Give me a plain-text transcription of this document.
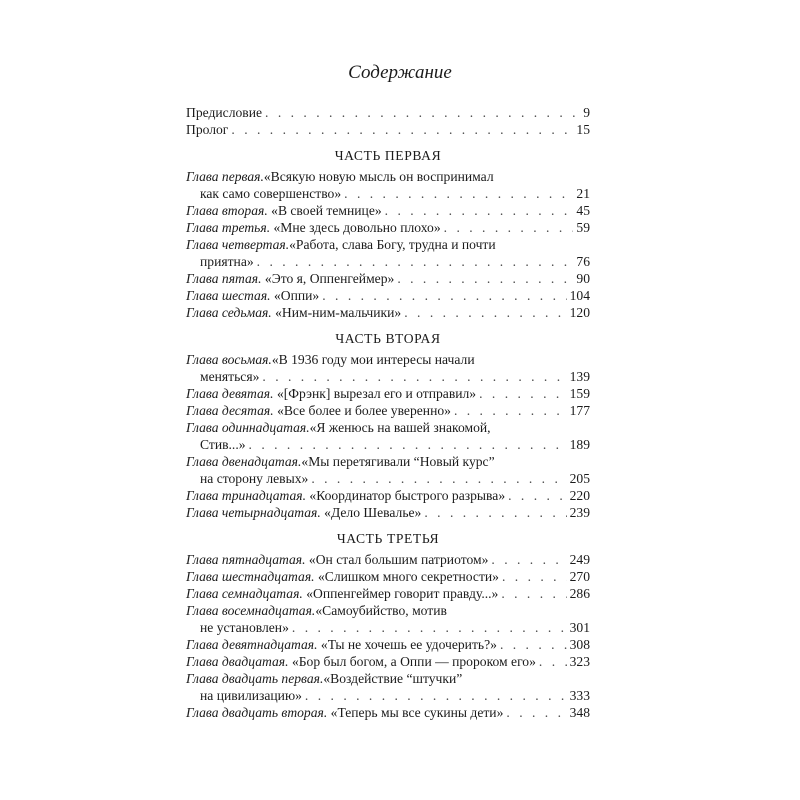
Содержание
Предисловие . . .	9
Пролог . . .	15
ЧАСТЬ ПЕРВАЯ
Глава первая. «Всякую новую мысль он воспринимал
как само совершенство» . . .	21
Глава вторая.
«В своей темнице» . . .	45
Глава третья.
«Мне здесь довольно плохо» . . .	59
Глава четвертая. «Работа, слава Богу, трудна и почти
приятна» . . .	76
Глава пятая.
«Это я, Оппенгеймер» . . .	90
Глава шестая.
«Оппи» . . .	104
Глава седьмая.
«Ним-ним-мальчики» . . .	120
ЧАСТЬ ВТОРАЯ
Глава восьмая. «В 1936 году мои интересы начали
меняться» . . .	139
Глава девятая.
«[Фрэнк] вырезал его и отправил» . . .	159
Глава десятая.
«Все более и более уверенно» . . .	177
Глава одиннадцатая. «Я женюсь на вашей знакомой,
Стив...» . . .	189
Глава двенадцатая. «Мы перетягивали “Новый курс”
на сторону левых» . . .	205
Глава тринадцатая.
«Координатор быстрого разрыва» . . .	220
Глава четырнадцатая.
«Дело Шевалье» . . .	239
ЧАСТЬ ТРЕТЬЯ
Глава пятнадцатая.
«Он стал большим патриотом» . . .	249
Глава шестнадцатая.
«Слишком много секретности» . . .	270
Глава семнадцатая.
«Оппенгеймер говорит правду...» . . .	286
Глава восемнадцатая. «Самоубийство, мотив
не установлен» . . .	301
Глава девятнадцатая.
«Ты не хочешь ее удочерить?» . . .	308
Глава двадцатая.
«Бор был богом, а Оппи — пророком его» . . . 323
Глава двадцать первая. «Воздействие “штучки”
на цивилизацию» . . .	333
Глава двадцать вторая.
«Теперь мы все сукины дети» . . .	348
